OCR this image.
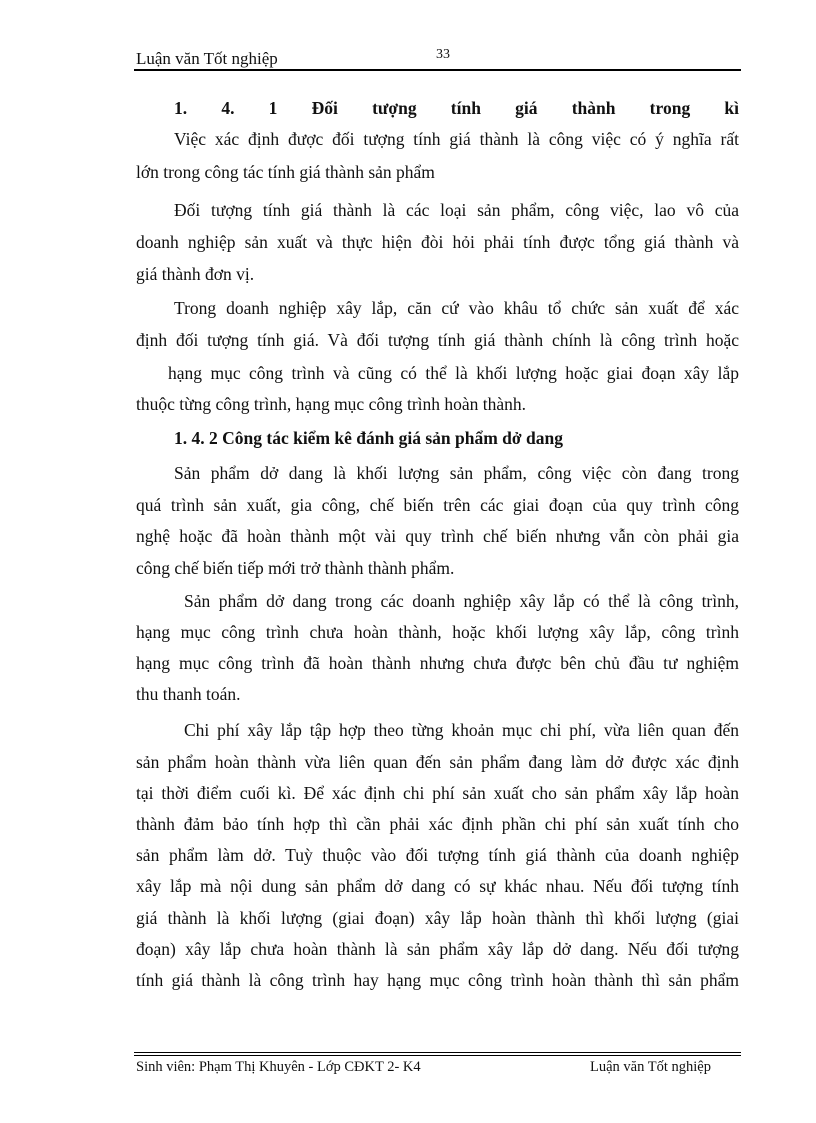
Luận văn Tốt nghiệp	33
1. 4. 1 Đối tượng tính giá thành trong kì
Việc xác định được đối tượng tính giá thành là công việc có ý nghĩa rất
lớn trong công tác tính giá thành sản phẩm
Đối tượng tính giá thành là các loại sản phẩm, công việc, lao vô của
doanh nghiệp sản xuất và thực hiện đòi hỏi phải tính được tổng giá thành và
giá thành đơn vị.
Trong doanh nghiệp xây lắp, căn cứ vào khâu tổ chức sản xuất để xác
định đối tượng tính giá. Và đối tượng tính giá thành chính là công trình hoặc
hạng mục công trình và cũng có thể là khối lượng hoặc giai đoạn xây lắp
thuộc từng công trình, hạng mục công trình hoàn thành.
1. 4. 2 Công tác kiểm kê đánh giá sản phẩm dở dang
Sản phẩm dở dang là khối lượng sản phẩm, công việc còn đang trong
quá trình sản xuất, gia công, chế biến trên các giai đoạn của quy trình công
nghệ hoặc đã hoàn thành một vài quy trình chế biến nhưng vẫn còn phải gia
công chế biến tiếp mới trở thành thành phẩm.
Sản phẩm dở dang trong các doanh nghiệp xây lắp có thể là công trình,
hạng mục công trình chưa hoàn thành, hoặc khối lượng xây lắp, công trình
hạng mục công trình đã hoàn thành nhưng chưa được bên chủ đầu tư nghiệm
thu thanh toán.
Chi phí xây lắp tập hợp theo từng khoản mục chi phí, vừa liên quan đến
sản phẩm hoàn thành vừa liên quan đến sản phẩm đang làm dở được xác định
tại thời điểm cuối kì. Để xác định chi phí sản xuất cho sản phẩm xây lắp hoàn
thành đảm bảo tính hợp thì cần phải xác định phần chi phí sản xuất tính cho
sản phẩm làm dở. Tuỳ thuộc vào đối tượng tính giá thành của doanh nghiệp
xây lắp mà nội dung sản phẩm dở dang có sự khác nhau. Nếu đối tượng tính
giá thành là khối lượng (giai đoạn) xây lắp hoàn thành thì khối lượng (giai
đoạn) xây lắp chưa hoàn thành là sản phẩm xây lắp dở dang. Nếu đối tượng
tính giá thành là công trình hay hạng mục công trình hoàn thành thì sản phẩm
Sinh viên: Phạm Thị Khuyên - Lớp CĐKT 2- K4	Luận văn Tốt nghiệp
